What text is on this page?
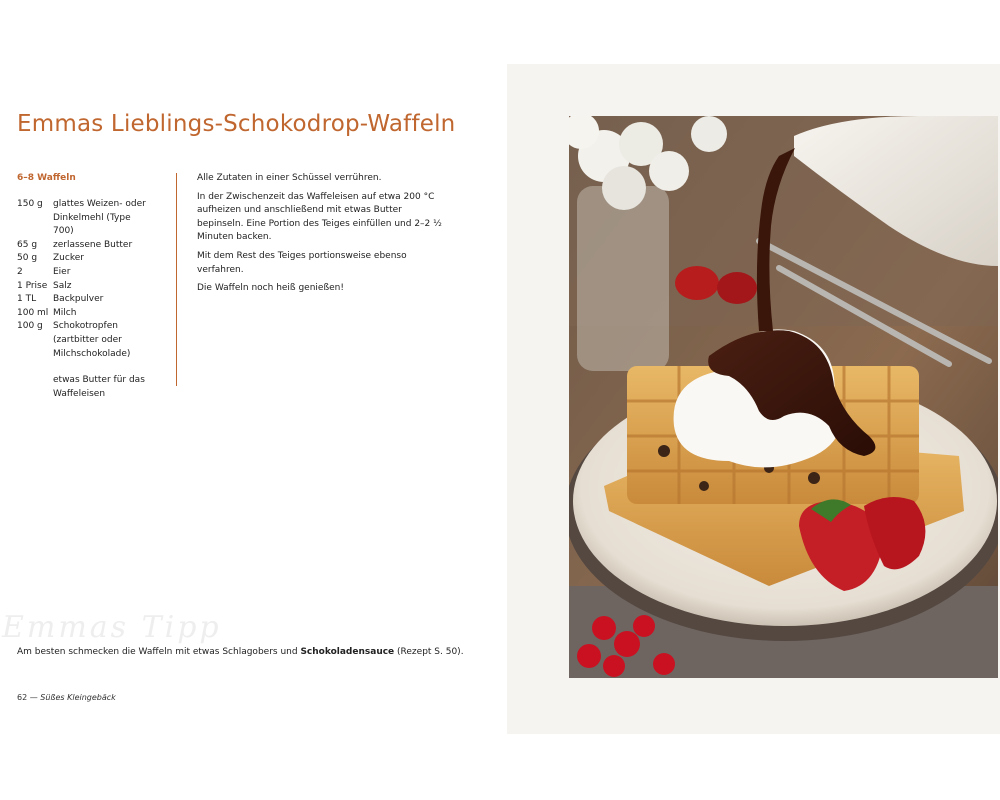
Emmas Lieblings-Schokodrop-Waffeln
6–8 Waffeln
150 g	glattes Weizen- oder Dinkelmehl (Type 700)
65 g	zerlassene Butter
50 g	Zucker
2	Eier
1 Prise Salz
1 TL	Backpulver
100 ml Milch
100 g	Schokotropfen (zartbitter oder Milchschokolade)
etwas Butter für das Waffeleisen

Alle Zutaten in einer Schüssel verrühren.

In der Zwischenzeit das Waffeleisen auf etwa 200 °C aufheizen und anschließend mit etwas Butter bepinseln. Eine Portion des Teiges einfüllen und 2–2 ½ Minuten backen.

Mit dem Rest des Teiges portionsweise ebenso verfahren.

Die Waffeln noch heiß genießen!

Emmas Tipp
Am besten schmecken die Waffeln mit etwas Schlagobers und Schokoladensauce (Rezept S. 50).
62 — Süßes Kleingebäck
